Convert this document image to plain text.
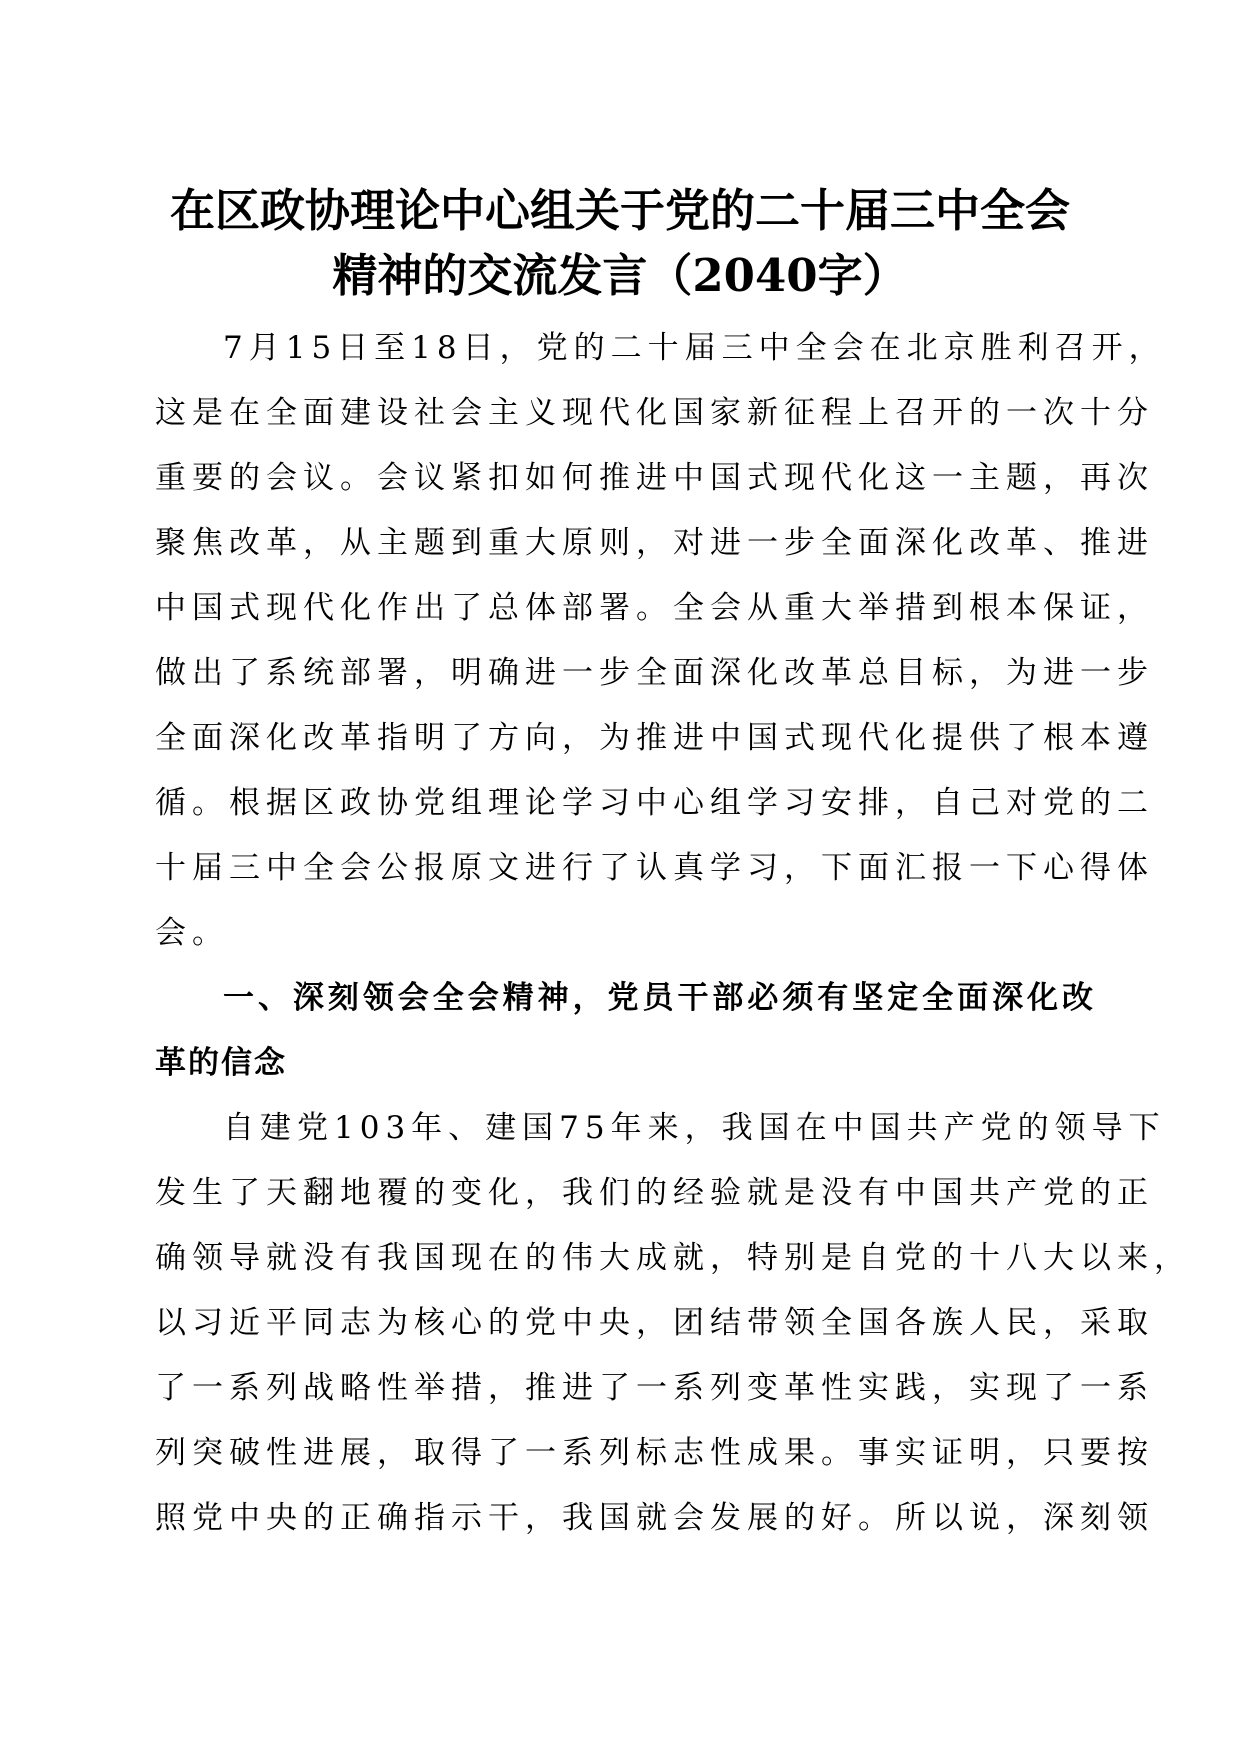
在区政协理论中心组关于党的二十届三中全会
精神的交流发言（2040字）
7月15日至18日，党的二十届三中全会在北京胜利召开，
这是在全面建设社会主义现代化国家新征程上召开的一次十分
重要的会议。会议紧扣如何推进中国式现代化这一主题，再次
聚焦改革，从主题到重大原则，对进一步全面深化改革、推进
中国式现代化作出了总体部署。全会从重大举措到根本保证，
做出了系统部署，明确进一步全面深化改革总目标，为进一步
全面深化改革指明了方向，为推进中国式现代化提供了根本遵
循。根据区政协党组理论学习中心组学习安排，自己对党的二
十届三中全会公报原文进行了认真学习，下面汇报一下心得体
会。
一、深刻领会全会精神，党员干部必须有坚定全面深化改
革的信念
自建党103年、建国75年来，我国在中国共产党的领导下
发生了天翻地覆的变化，我们的经验就是没有中国共产党的正
确领导就没有我国现在的伟大成就，特别是自党的十八大以来，
以习近平同志为核心的党中央，团结带领全国各族人民，采取
了一系列战略性举措，推进了一系列变革性实践，实现了一系
列突破性进展，取得了一系列标志性成果。事实证明，只要按
照党中央的正确指示干，我国就会发展的好。所以说，深刻领
